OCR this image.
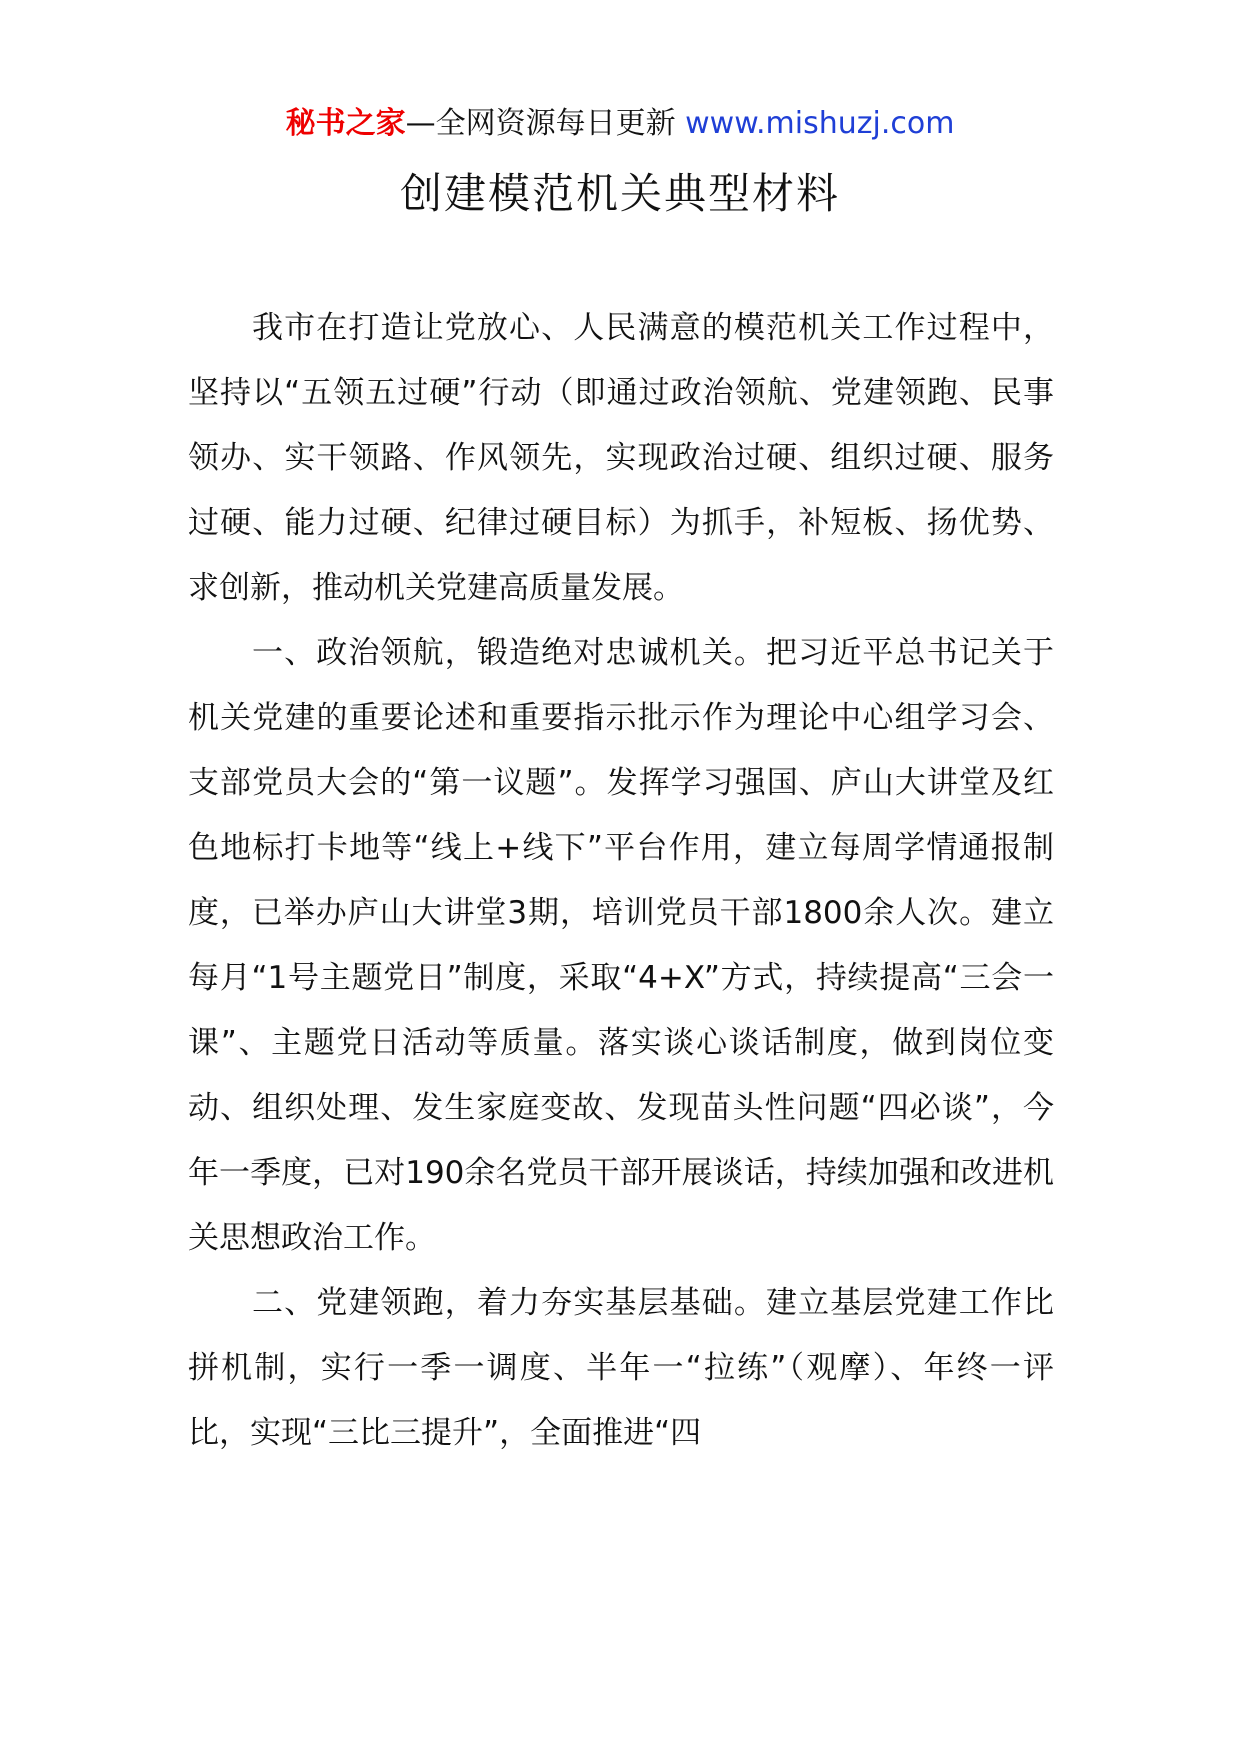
秘书之家—全网资源每日更新 www.mishuzj.com
创建模范机关典型材料

我市在打造让党放心、人民满意的模范机关工作过程中，坚持以“五领五过硬”行动（即通过政治领航、党建领跑、民事领办、实干领路、作风领先，实现政治过硬、组织过硬、服务过硬、能力过硬、纪律过硬目标）为抓手，补短板、扬优势、求创新，推动机关党建高质量发展。

一、政治领航，锻造绝对忠诚机关。把习近平总书记关于机关党建的重要论述和重要指示批示作为理论中心组学习会、支部党员大会的“第一议题”。发挥学习强国、庐山大讲堂及红色地标打卡地等“线上+线下”平台作用，建立每周学情通报制度，已举办庐山大讲堂3期，培训党员干部1800余人次。建立每月“1号主题党日”制度，采取“4+X”方式，持续提高“三会一课”、主题党日活动等质量。落实谈心谈话制度，做到岗位变动、组织处理、发生家庭变故、发现苗头性问题“四必谈”，今年一季度，已对190余名党员干部开展谈话，持续加强和改进机关思想政治工作。

二、党建领跑，着力夯实基层基础。建立基层党建工作比拼机制，实行一季一调度、半年一“拉练”（观摩）、年终一评比，实现“三比三提升”，全面推进“四
